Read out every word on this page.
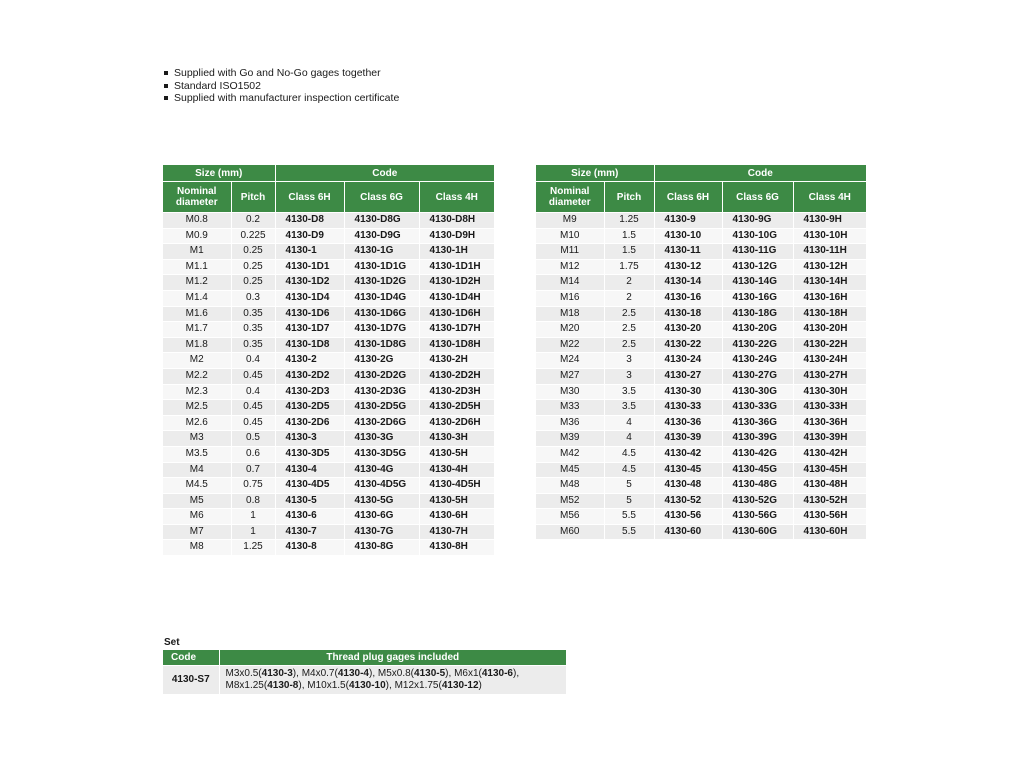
Supplied with Go and No-Go gages together
Standard ISO1502
Supplied with manufacturer inspection certificate
Size (mm)		Code		
Nominal
diameter	Pitch	Class 6H	Class 6G	Class 4H
M0.8	0.2	4130-D8	4130-D8G	4130-D8H
M0.9	0.225	4130-D9	4130-D9G	4130-D9H
M1	0.25	4130-1	4130-1G	4130-1H
M1.1	0.25	4130-1D1	4130-1D1G	4130-1D1H
M1.2	0.25	4130-1D2	4130-1D2G	4130-1D2H
M1.4	0.3	4130-1D4	4130-1D4G	4130-1D4H
M1.6	0.35	4130-1D6	4130-1D6G	4130-1D6H
M1.7	0.35	4130-1D7	4130-1D7G	4130-1D7H
M1.8	0.35	4130-1D8	4130-1D8G	4130-1D8H
M2	0.4	4130-2	4130-2G	4130-2H
M2.2	0.45	4130-2D2	4130-2D2G	4130-2D2H
M2.3	0.4	4130-2D3	4130-2D3G	4130-2D3H
M2.5	0.45	4130-2D5	4130-2D5G	4130-2D5H
M2.6	0.45	4130-2D6	4130-2D6G	4130-2D6H
M3	0.5	4130-3	4130-3G	4130-3H
M3.5	0.6	4130-3D5	4130-3D5G	4130-5H
M4	0.7	4130-4	4130-4G	4130-4H
M4.5	0.75	4130-4D5	4130-4D5G	4130-4D5H
M5	0.8	4130-5	4130-5G	4130-5H
M6	1	4130-6	4130-6G	4130-6H
M7	1	4130-7	4130-7G	4130-7H
M8	1.25	4130-8	4130-8G	4130-8H
Size (mm)		Code		
Nominal
diameter	Pitch	Class 6H	Class 6G	Class 4H
M9	1.25	4130-9	4130-9G	4130-9H
M10	1.5	4130-10	4130-10G	4130-10H
M11	1.5	4130-11	4130-11G	4130-11H
M12	1.75	4130-12	4130-12G	4130-12H
M14	2	4130-14	4130-14G	4130-14H
M16	2	4130-16	4130-16G	4130-16H
M18	2.5	4130-18	4130-18G	4130-18H
M20	2.5	4130-20	4130-20G	4130-20H
M22	2.5	4130-22	4130-22G	4130-22H
M24	3	4130-24	4130-24G	4130-24H
M27	3	4130-27	4130-27G	4130-27H
M30	3.5	4130-30	4130-30G	4130-30H
M33	3.5	4130-33	4130-33G	4130-33H
M36	4	4130-36	4130-36G	4130-36H
M39	4	4130-39	4130-39G	4130-39H
M42	4.5	4130-42	4130-42G	4130-42H
M45	4.5	4130-45	4130-45G	4130-45H
M48	5	4130-48	4130-48G	4130-48H
M52	5	4130-52	4130-52G	4130-52H
M56	5.5	4130-56	4130-56G	4130-56H
M60	5.5	4130-60	4130-60G	4130-60H
Set
Code	Thread plug gages included
4130-S7	M3x0.5(4130-3), M4x0.7(4130-4), M5x0.8(4130-5), M6x1(4130-6),
M8x1.25(4130-8), M10x1.5(4130-10), M12x1.75(4130-12)
